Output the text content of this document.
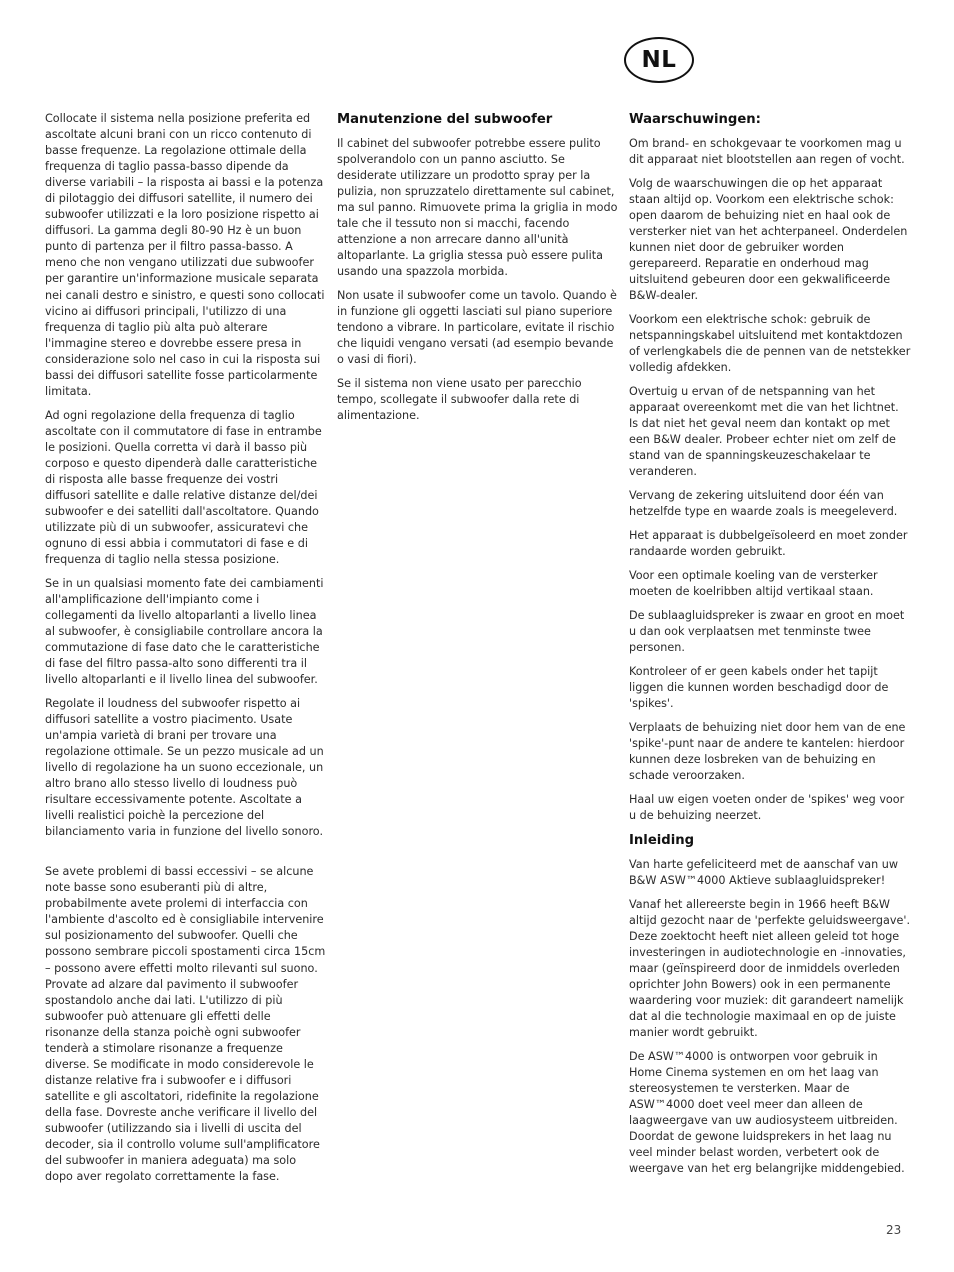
NL

Collocate il sistema nella posizione preferita ed ascoltate alcuni brani con un ricco contenuto di basse frequenze. La regolazione ottimale della frequenza di taglio passa-basso dipende da diverse variabili – la risposta ai bassi e la potenza di pilotaggio dei diffusori satellite, il numero dei subwoofer utilizzati e la loro posizione rispetto ai diffusori. La gamma degli 80-90 Hz è un buon punto di partenza per il filtro passa-basso. A meno che non vengano utilizzati due subwoofer per garantire un'informazione musicale separata nei canali destro e sinistro, e questi sono collocati vicino ai diffusori principali, l'utilizzo di una frequenza di taglio più alta può alterare l'immagine stereo e dovrebbe essere presa in considerazione solo nel caso in cui la risposta sui bassi dei diffusori satellite fosse particolarmente limitata.

Ad ogni regolazione della frequenza di taglio ascoltate con il commutatore di fase in entrambe le posizioni. Quella corretta vi darà il basso più corposo e questo dipenderà dalle caratteristiche di risposta alle basse frequenze dei vostri diffusori satellite e dalle relative distanze del/dei subwoofer e dei satelliti dall'ascoltatore. Quando utilizzate più di un subwoofer, assicuratevi che ognuno di essi abbia i commutatori di fase e di frequenza di taglio nella stessa posizione.

Se in un qualsiasi momento fate dei cambiamenti all'amplificazione dell'impianto come i collegamenti da livello altoparlanti a livello linea al subwoofer, è consigliabile controllare ancora la commutazione di fase dato che le caratteristiche di fase del filtro passa-alto sono differenti tra il livello altoparlanti e il livello linea del subwoofer.

Regolate il loudness del subwoofer rispetto ai diffusori satellite a vostro piacimento. Usate un'ampia varietà di brani per trovare una regolazione ottimale. Se un pezzo musicale ad un livello di regolazione ha un suono eccezionale, un altro brano allo stesso livello di loudness può risultare eccessivamente potente. Ascoltate a livelli realistici poichè la percezione del bilanciamento varia in funzione del livello sonoro.

Se avete problemi di bassi eccessivi – se alcune note basse sono esuberanti più di altre, probabilmente avete prolemi di interfaccia con l'ambiente d'ascolto ed è consigliabile intervenire sul posizionamento del subwoofer. Quelli che possono sembrare piccoli spostamenti circa 15cm – possono avere effetti molto rilevanti sul suono. Provate ad alzare dal pavimento il subwoofer spostandolo anche dai lati. L'utilizzo di più subwoofer può attenuare gli effetti delle risonanze della stanza poichè ogni subwoofer tenderà a stimolare risonanze a frequenze diverse. Se modificate in modo considerevole le distanze relative fra i subwoofer e i diffusori satellite e gli ascoltatori, ridefinite la regolazione della fase. Dovreste anche verificare il livello del subwoofer (utilizzando sia i livelli di uscita del decoder, sia il controllo volume sull'amplificatore del subwoofer in maniera adeguata) ma solo dopo aver regolato correttamente la fase.

Manutenzione del subwoofer

Il cabinet del subwoofer potrebbe essere pulito spolverandolo con un panno asciutto. Se desiderate utilizzare un prodotto spray per la pulizia, non spruzzatelo direttamente sul cabinet, ma sul panno. Rimuovete prima la griglia in modo tale che il tessuto non si macchi, facendo attenzione a non arrecare danno all'unità altoparlante. La griglia stessa può essere pulita usando una spazzola morbida.

Non usate il subwoofer come un tavolo. Quando è in funzione gli oggetti lasciati sul piano superiore tendono a vibrare. In particolare, evitate il rischio che liquidi vengano versati (ad esempio bevande o vasi di fiori).

Se il sistema non viene usato per parecchio tempo, scollegate il subwoofer dalla rete di alimentazione.

Waarschuwingen:

Om brand- en schokgevaar te voorkomen mag u dit apparaat niet blootstellen aan regen of vocht.

Volg de waarschuwingen die op het apparaat staan altijd op. Voorkom een elektrische schok: open daarom de behuizing niet en haal ook de versterker niet van het achterpaneel. Onderdelen kunnen niet door de gebruiker worden gerepareerd. Reparatie en onderhoud mag uitsluitend gebeuren door een gekwalificeerde B&W-dealer.

Voorkom een elektrische schok: gebruik de netspanningskabel uitsluitend met kontaktdozen of verlengkabels die de pennen van de netstekker volledig afdekken.

Overtuig u ervan of de netspanning van het apparaat overeenkomt met die van het lichtnet. Is dat niet het geval neem dan kontakt op met een B&W dealer. Probeer echter niet om zelf de stand van de spanningskeuzeschakelaar te veranderen.

Vervang de zekering uitsluitend door één van hetzelfde type en waarde zoals is meegeleverd.

Het apparaat is dubbelgeïsoleerd en moet zonder randaarde worden gebruikt.

Voor een optimale koeling van de versterker moeten de koelribben altijd vertikaal staan.

De sublaagluidspreker is zwaar en groot en moet u dan ook verplaatsen met tenminste twee personen.

Kontroleer of er geen kabels onder het tapijt liggen die kunnen worden beschadigd door de 'spikes'.

Verplaats de behuizing niet door hem van de ene 'spike'-punt naar de andere te kantelen: hierdoor kunnen deze losbreken van de behuizing en schade veroorzaken.

Haal uw eigen voeten onder de 'spikes' weg voor u de behuizing neerzet.

Inleiding

Van harte gefeliciteerd met de aanschaf van uw B&W ASW™4000 Aktieve sublaagluidspreker!

Vanaf het allereerste begin in 1966 heeft B&W altijd gezocht naar de 'perfekte geluidsweergave'. Deze zoektocht heeft niet alleen geleid tot hoge investeringen in audiotechnologie en -innovaties, maar (geïnspireerd door de inmiddels overleden oprichter John Bowers) ook in een permanente waardering voor muziek: dit garandeert namelijk dat al die technologie maximaal en op de juiste manier wordt gebruikt.

De ASW™4000 is ontworpen voor gebruik in Home Cinema systemen en om het laag van stereosystemen te versterken. Maar de ASW™4000 doet veel meer dan alleen de laagweergave van uw audiosysteem uitbreiden. Doordat de gewone luidsprekers in het laag nu veel minder belast worden, verbetert ook de weergave van het erg belangrijke middengebied.

23
